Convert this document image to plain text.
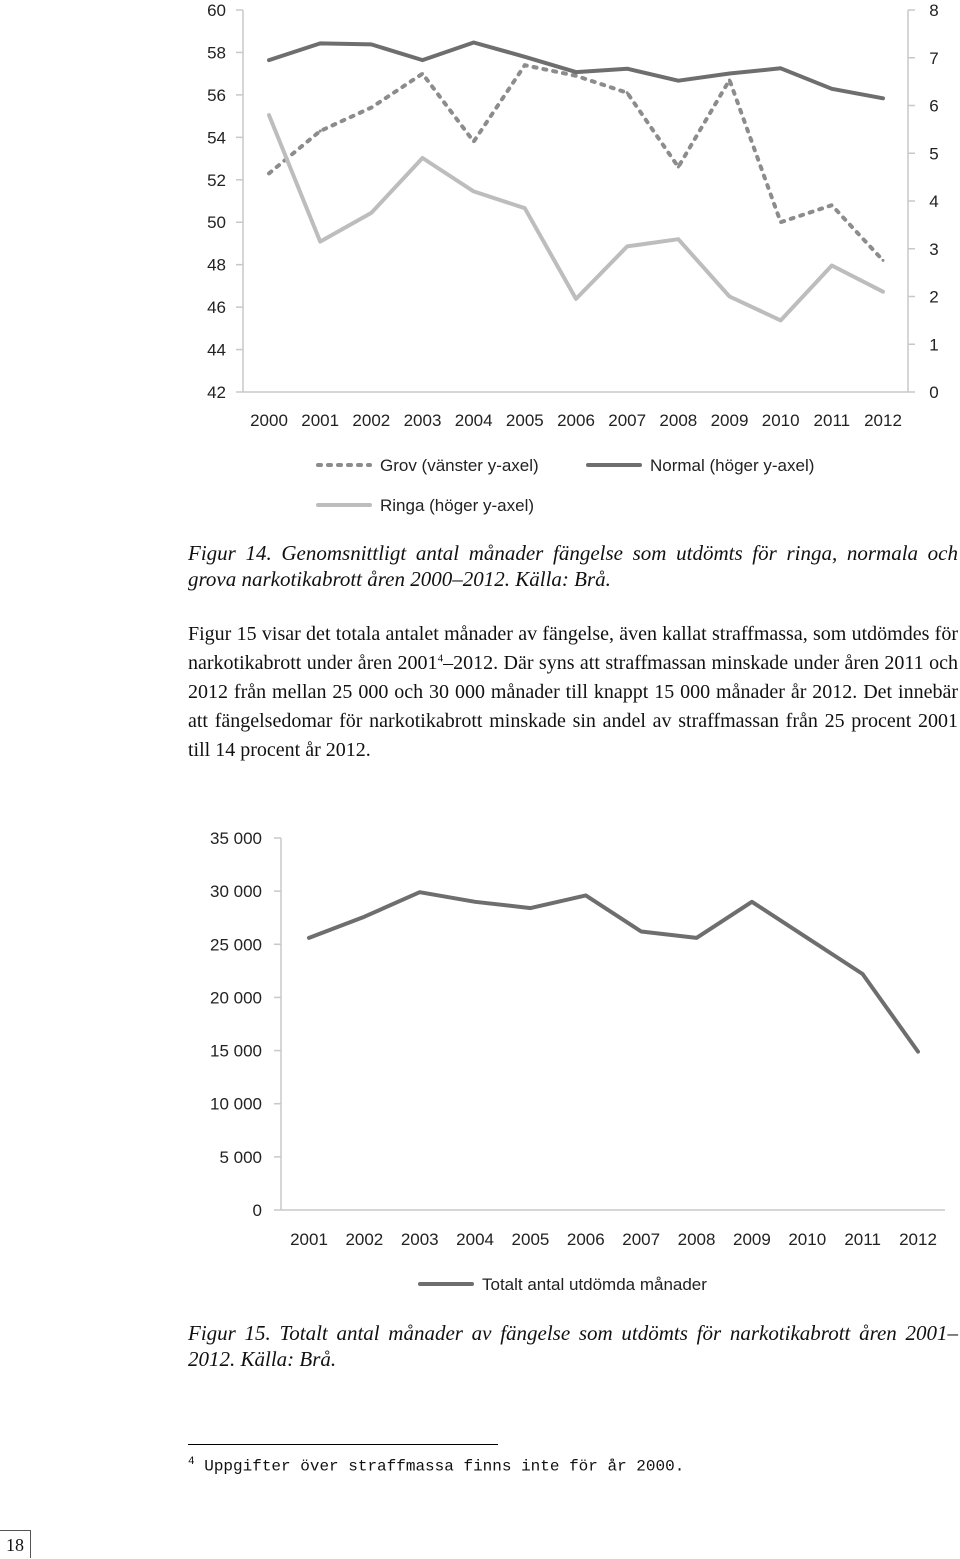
42
44
46
48
50
52
54
56
58
60
0
1
2
3
4
5
6
7
8
2000 2001 2002 2003 2004 2005 2006 2007 2008 2009 2010 2011 2012
Grov (vänster y-axel)	Normal (höger y-axel)
Ringa (höger y-axel)
Figur 14. Genomsnittligt antal månader fängelse som utdömts för ringa, normala och grova narkotikabrott åren 2000–2012. Källa: Brå.
Figur 15 visar det totala antalet månader av fängelse, även kallat straffmassa, som utdömdes för narkotikabrott under åren 2001$^4$–2012. Där syns att straffmassan minskade under åren 2011 och 2012 från mellan 25 000 och 30 000 månader till knappt 15 000 månader år 2012. Det innebär att fängelsedomar för narkotikabrott minskade sin andel av straffmassan från 25 procent 2001 till 14 procent år 2012.
0
5 000
10 000
15 000
20 000
25 000
30 000
35 000
2001 2002 2003 2004 2005 2006 2007 2008 2009 2010 2011 2012
Totalt antal utdömda månader
Figur 15. Totalt antal månader av fängelse som utdömts för narkotikabrott åren 2001–2012. Källa: Brå.
$^4$ Uppgifter över straffmassa finns inte för år 2000.
18
